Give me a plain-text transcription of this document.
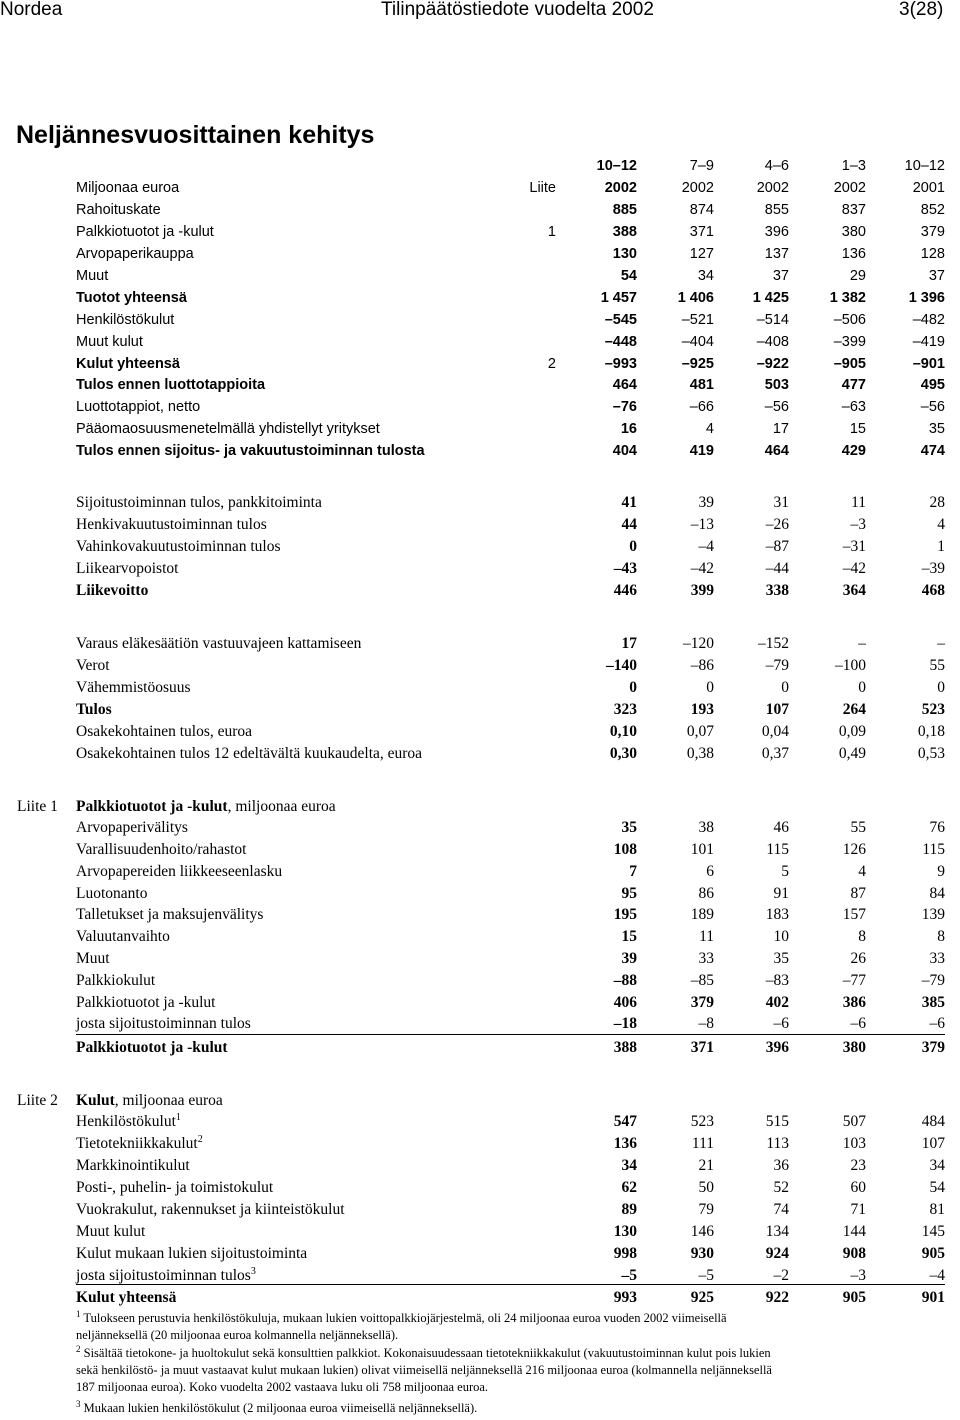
Nordea	Tilinpäätöstiedote vuodelta 2002	3(28)
Neljännesvuosittainen kehitys
10–12	7–9	4–6	1–3	10–12
Miljoonaa euroa	Liite	2002	2002	2002	2002	2001
Rahoituskate	885	874	855	837	852
Palkkiotuotot ja -kulut	1	388	371	396	380	379
Arvopaperikauppa	130	127	137	136	128
Muut	54	34	37	29	37
Tuotot yhteensä	1 457	1 406	1 425	1 382	1 396
Henkilöstökulut	–545	–521	–514	–506	–482
Muut kulut	–448	–404	–408	–399	–419
Kulut yhteensä	2	–993	–925	–922	–905	–901
Tulos ennen luottotappioita	464	481	503	477	495
Luottotappiot, netto	–76	–66	–56	–63	–56
Pääomaosuusmenetelmällä yhdistellyt yritykset	16	4	17	15	35
Tulos ennen sijoitus- ja vakuutustoiminnan tulosta	404	419	464	429	474
Sijoitustoiminnan tulos, pankkitoiminta	41	39	31	11	28
Henkivakuutustoiminnan tulos	44	–13	–26	–3	4
Vahinkovakuutustoiminnan tulos	0	–4	–87	–31	1
Liikearvopoistot	–43	–42	–44	–42	–39
Liikevoitto	446	399	338	364	468
Varaus eläkesäätiön vastuuvajeen kattamiseen	17	–120	–152	–	–
Verot	–140	–86	–79	–100	55
Vähemmistöosuus	0	0	0	0	0
Tulos	323	193	107	264	523
Osakekohtainen tulos, euroa	0,10	0,07	0,04	0,09	0,18
Osakekohtainen tulos 12 edeltävältä kuukaudelta, euroa	0,30	0,38	0,37	0,49	0,53
Liite 1 Palkkiotuotot ja -kulut, miljoonaa euroa
Arvopaperivälitys	35	38	46	55	76
Varallisuudenhoito/rahastot	108	101	115	126	115
Arvopapereiden liikkeeseenlasku	7	6	5	4	9
Luotonanto	95	86	91	87	84
Talletukset ja maksujenvälitys	195	189	183	157	139
Valuutanvaihto	15	11	10	8	8
Muut	39	33	35	26	33
Palkkiokulut	–88	–85	–83	–77	–79
Palkkiotuotot ja -kulut	406	379	402	386	385
josta sijoitustoiminnan tulos	–18	–8	–6	–6	–6
Palkkiotuotot ja -kulut	388	371	396	380	379
Liite 2 Kulut, miljoonaa euroa
Henkilöstökulut$^1$	547	523	515	507	484
Tietotekniikkakulut$^2$	136	111	113	103	107
Markkinointikulut	34	21	36	23	34
Posti-, puhelin- ja toimistokulut	62	50	52	60	54
Vuokrakulut, rakennukset ja kiinteistökulut	89	79	74	71	81
Muut kulut	130	146	134	144	145
Kulut mukaan lukien sijoitustoiminta	998	930	924	908	905
josta sijoitustoiminnan tulos$^3$	–5	–5	–2	–3	–4
Kulut yhteensä	993	925	922	905	901
$^1$ Tulokseen perustuvia henkilöstökuluja, mukaan lukien voittopalkkiojärjestelmä, oli 24 miljoonaa euroa vuoden 2002 viimeisellä
neljänneksellä (20 miljoonaa euroa kolmannella neljänneksellä).
$^2$ Sisältää tietokone- ja huoltokulut sekä konsulttien palkkiot. Kokonaisuudessaan tietotekniikkakulut (vakuutustoiminnan kulut pois lukien
sekä henkilöstö- ja muut vastaavat kulut mukaan lukien) olivat viimeisellä neljänneksellä 216 miljoonaa euroa (kolmannella neljänneksellä
187 miljoonaa euroa). Koko vuodelta 2002 vastaava luku oli 758 miljoonaa euroa.
$^3$ Mukaan lukien henkilöstökulut (2 miljoonaa euroa viimeisellä neljänneksellä).
